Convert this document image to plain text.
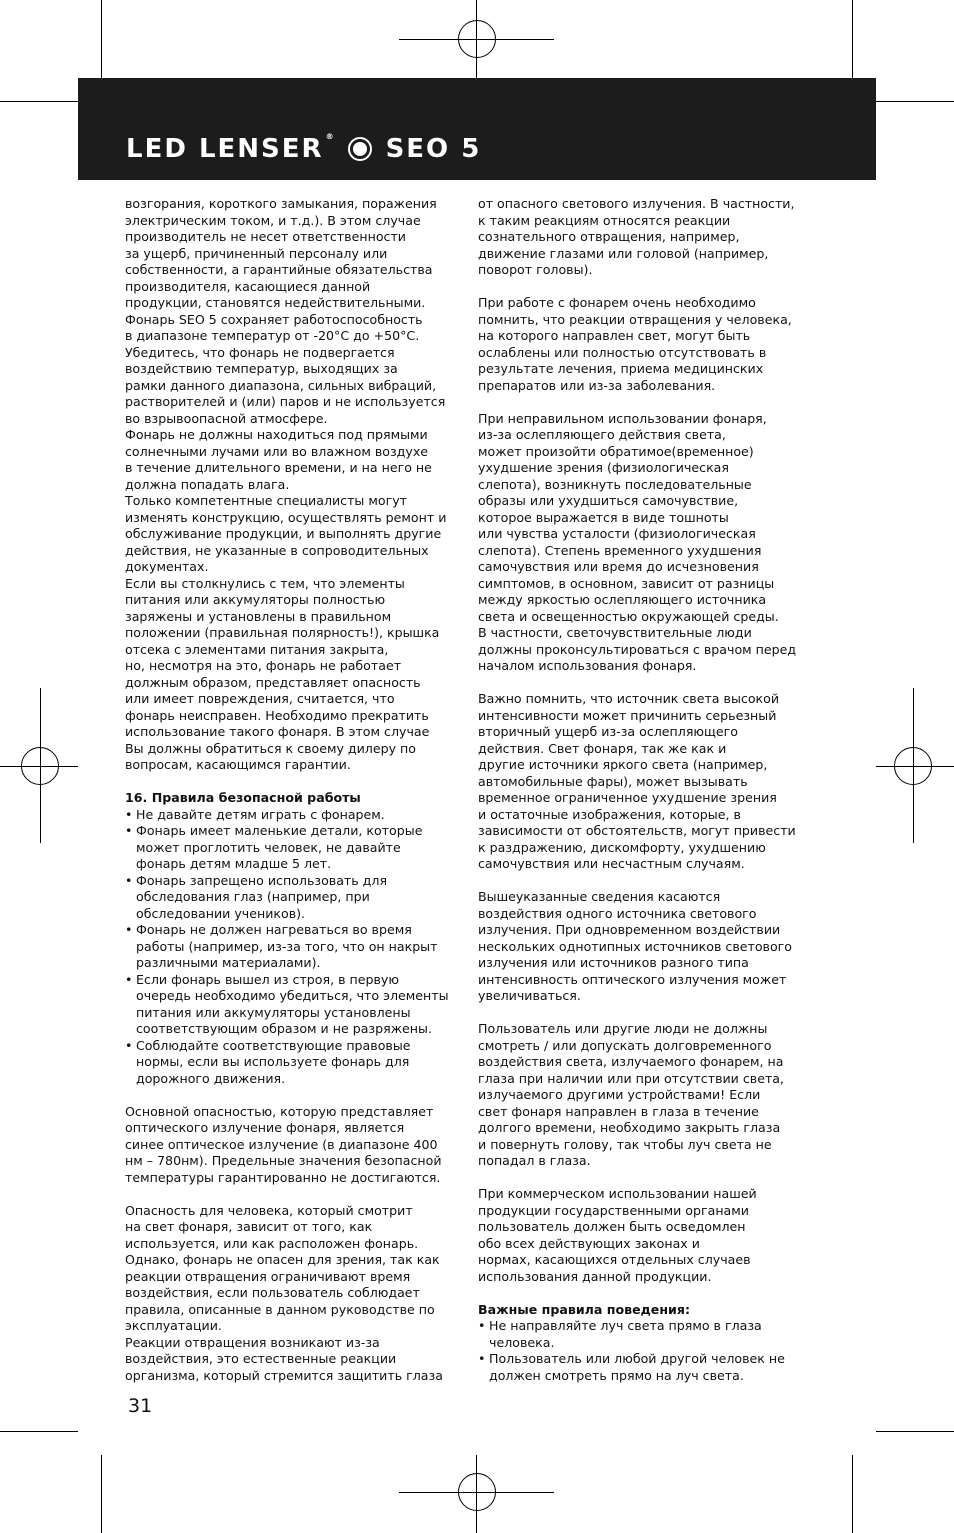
LED LENSER ® SEO 5

возгорания, короткого замыкания, поражения
электрическим током, и т.д.). В этом случае
производитель не несет ответственности
за ущерб, причиненный персоналу или
собственности, а гарантийные обязательства
производителя, касающиеся данной
продукции, становятся недействительными.
Фонарь SEO 5 сохраняет работоспособность
в диапазоне температур от -20°С до +50°С.
Убедитесь, что фонарь не подвергается
воздействию температур, выходящих за
рамки данного диапазона, сильных вибраций,
растворителей и (или) паров и не используется
во взрывоопасной атмосфере.
Фонарь не должны находиться под прямыми
солнечными лучами или во влажном воздухе
в течение длительного времени, и на него не
должна попадать влага.
Только компетентные специалисты могут
изменять конструкцию, осуществлять ремонт и
обслуживание продукции, и выполнять другие
действия, не указанные в сопроводительных
документах.
Если вы столкнулись с тем, что элементы
питания или аккумуляторы полностью
заряжены и установлены в правильном
положении (правильная полярность!), крышка
отсека с элементами питания закрыта,
но, несмотря на это, фонарь не работает
должным образом, представляет опасность
или имеет повреждения, считается, что
фонарь неисправен. Необходимо прекратить
использование такого фонаря. В этом случае
Вы должны обратиться к своему дилеру по
вопросам, касающимся гарантии.

16. Правила безопасной работы
• Не давайте детям играть с фонарем.
• Фонарь имеет маленькие детали, которые
может проглотить человек, не давайте
фонарь детям младше 5 лет.
• Фонарь запрещено использовать для
обследования глаз (например, при
обследовании учеников).
• Фонарь не должен нагреваться во время
работы (например, из-за того, что он накрыт
различными материалами).
• Если фонарь вышел из строя, в первую
очередь необходимо убедиться, что элементы
питания или аккумуляторы установлены
соответствующим образом и не разряжены.
• Соблюдайте соответствующие правовые
нормы, если вы используете фонарь для
дорожного движения.

Основной опасностью, которую представляет
оптического излучение фонаря, является
синее оптическое излучение (в диапазоне 400
нм – 780нм). Предельные значения безопасной
температуры гарантированно не достигаются.

Опасность для человека, который смотрит
на свет фонаря, зависит от того, как
используется, или как расположен фонарь.
Однако, фонарь не опасен для зрения, так как
реакции отвращения ограничивают время
воздействия, если пользователь соблюдает
правила, описанные в данном руководстве по
эксплуатации.
Реакции отвращения возникают из-за
воздействия, это естественные реакции
организма, который стремится защитить глаза

от опасного светового излучения. В частности,
к таким реакциям относятся реакции
сознательного отвращения, например,
движение глазами или головой (например,
поворот головы).

При работе с фонарем очень необходимо
помнить, что реакции отвращения у человека,
на которого направлен свет, могут быть
ослаблены или полностью отсутствовать в
результате лечения, приема медицинских
препаратов или из-за заболевания.

При неправильном использовании фонаря,
из-за ослепляющего действия света,
может произойти обратимое(временное)
ухудшение зрения (физиологическая
слепота), возникнуть последовательные
образы или ухудшиться самочувствие,
которое выражается в виде тошноты
или чувства усталости (физиологическая
слепота). Степень временного ухудшения
самочувствия или время до исчезновения
симптомов, в основном, зависит от разницы
между яркостью ослепляющего источника
света и освещенностью окружающей среды.
В частности, светочувствительные люди
должны проконсультироваться с врачом перед
началом использования фонаря.

Важно помнить, что источник света высокой
интенсивности может причинить серьезный
вторичный ущерб из-за ослепляющего
действия. Свет фонаря, так же как и
другие источники яркого света (например,
автомобильные фары), может вызывать
временное ограниченное ухудшение зрения
и остаточные изображения, которые, в
зависимости от обстоятельств, могут привести
к раздражению, дискомфорту, ухудшению
самочувствия или несчастным случаям.

Вышеуказанные сведения касаются
воздействия одного источника светового
излучения. При одновременном воздействии
нескольких однотипных источников светового
излучения или источников разного типа
интенсивность оптического излучения может
увеличиваться.

Пользователь или другие люди не должны
смотреть / или допускать долговременного
воздействия света, излучаемого фонарем, на
глаза при наличии или при отсутствии света,
излучаемого другими устройствами! Если
свет фонаря направлен в глаза в течение
долгого времени, необходимо закрыть глаза
и повернуть голову, так чтобы луч света не
попадал в глаза.

При коммерческом использовании нашей
продукции государственными органами
пользователь должен быть осведомлен
обо всех действующих законах и
нормах, касающихся отдельных случаев
использования данной продукции.

Важные правила поведения:
• Не направляйте луч света прямо в глаза
человека.
• Пользователь или любой другой человек не
должен смотреть прямо на луч света.
31
